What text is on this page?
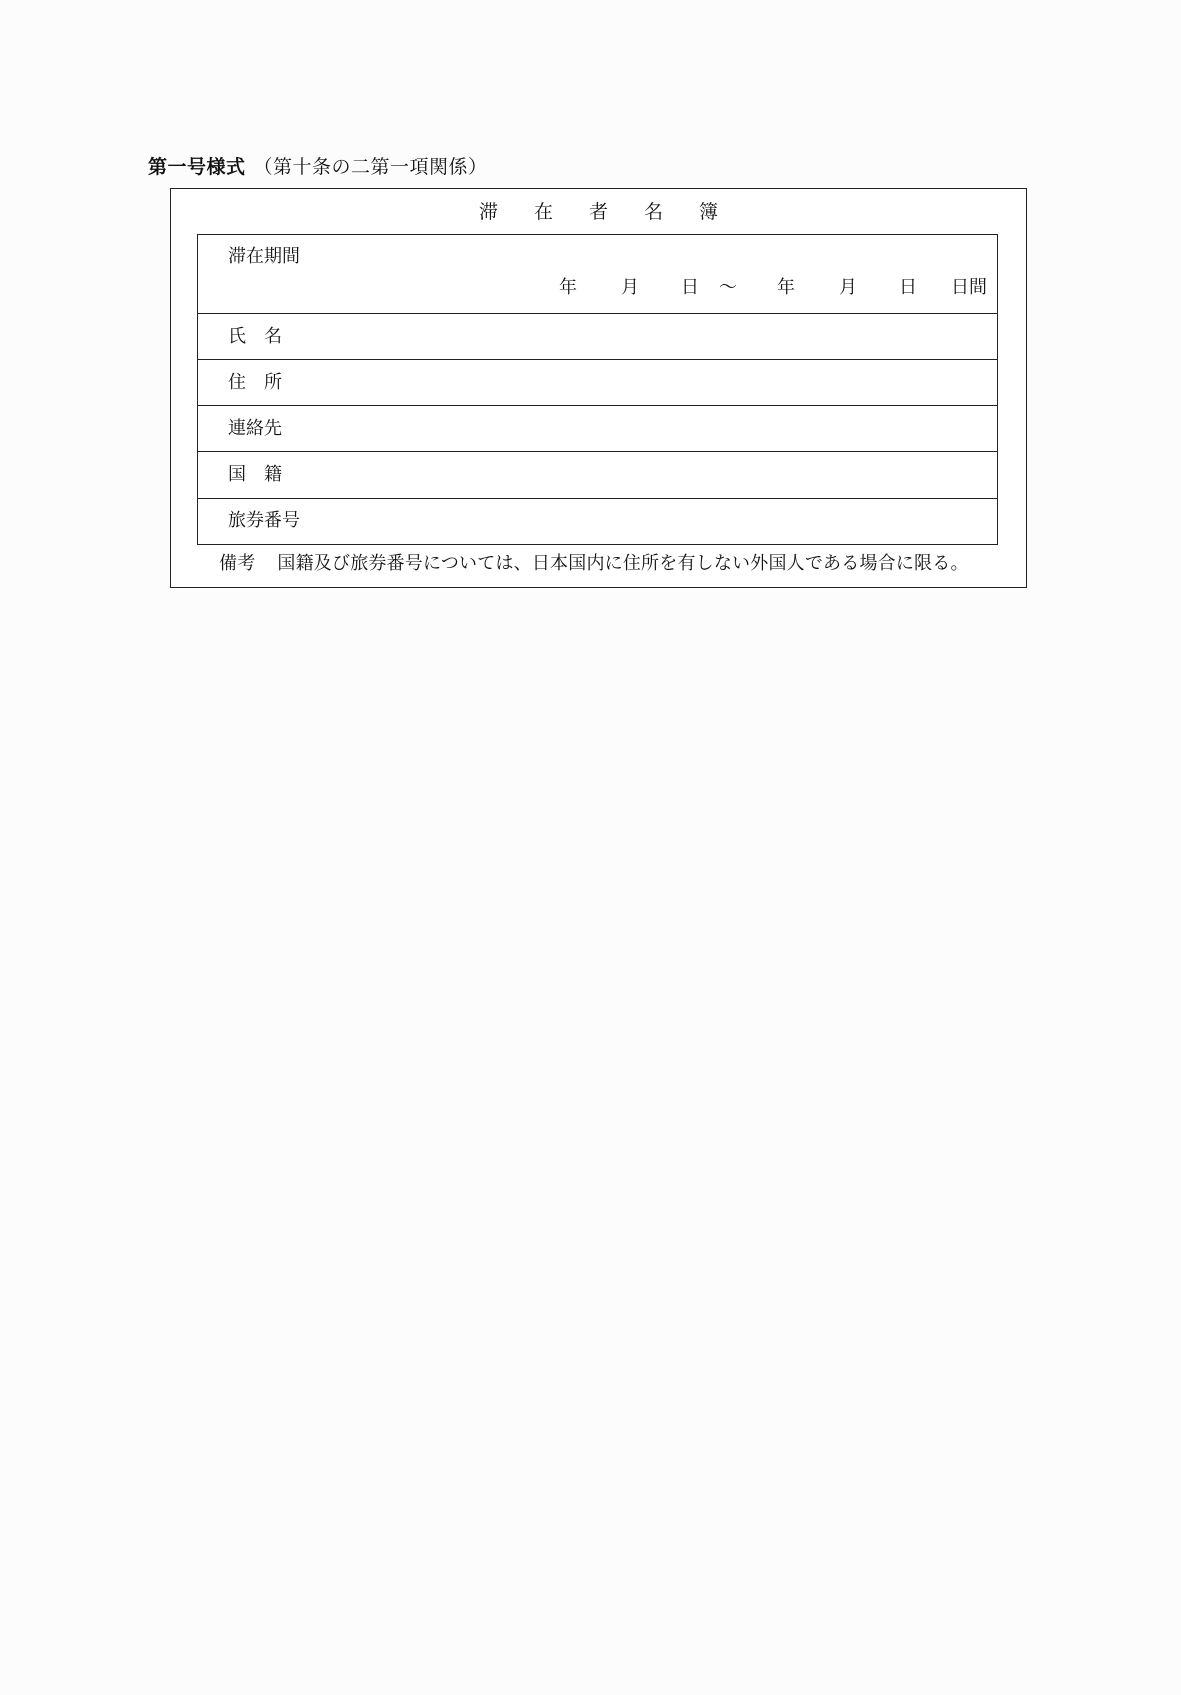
第一号様式 （第十条の二第一項関係）
滞在者名簿
滞在期間
年	月	日	～	年	月	日	日間
氏　名
住　所
連絡先
国　籍
旅券番号
備考 国籍及び旅券番号については、日本国内に住所を有しない外国人である場合に限る。
